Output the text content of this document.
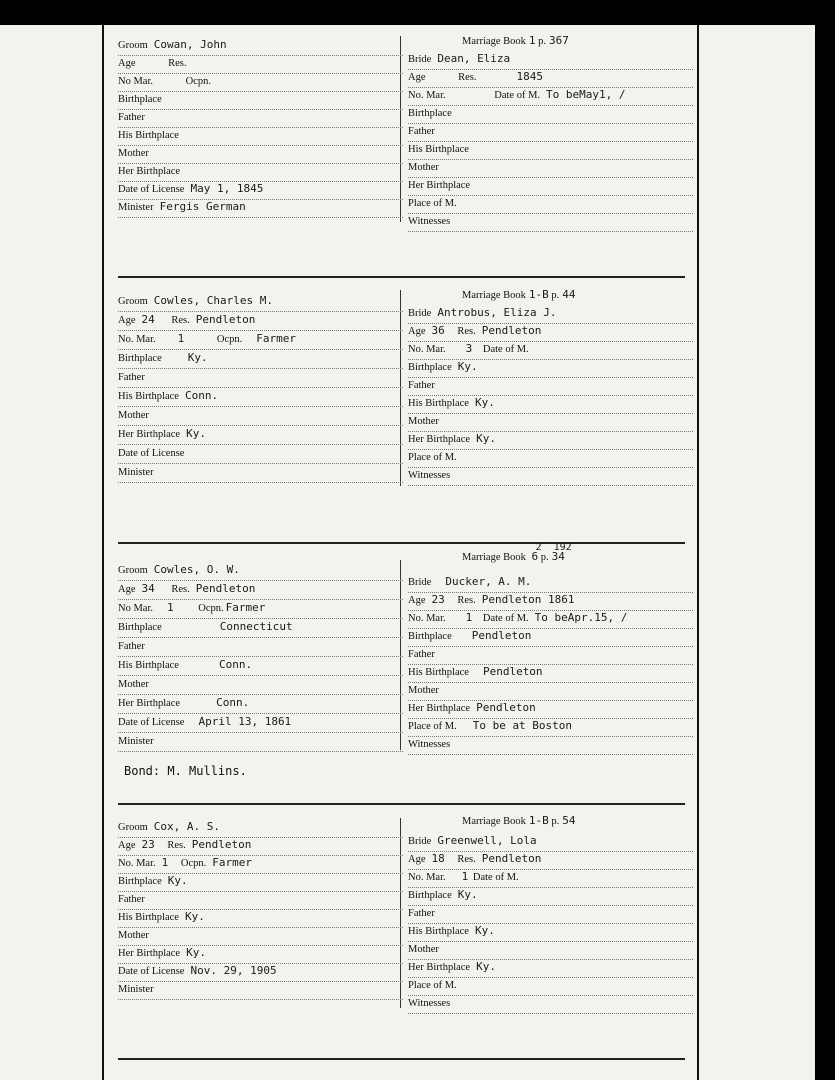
Groom Cowan, John
Age	Res.
No Mar.	Ocpn.
Birthplace
Father
His Birthplace
Mother
Her Birthplace
Date of License May 1, 1845
Minister Fergis German
Marriage Book 1 p. 367
Bride Dean, Eliza
Age	Res.	1845
No. Mar.	Date of M. To beMay1, /
Birthplace
Father
His Birthplace
Mother
Her Birthplace
Place of M.
Witnesses
Groom Cowles, Charles M.
Age 24 Res. Pendleton
No. Mar. 1	Ocpn. Farmer
Birthplace Ky.
Father
His Birthplace Conn.
Mother
Her Birthplace Ky.
Date of License
Minister
Marriage Book 1-B p. 44
Bride Antrobus, Eliza J.
Age 36 Res. Pendleton
No. Mar. 3 Date of M.
Birthplace Ky.
Father
His Birthplace Ky.
Mother
Her Birthplace Ky.
Place of M.
Witnesses
Groom Cowles, O. W.
Age 34 Res. Pendleton
No Mar. 1 Ocpn. Farmer
Birthplace	Connecticut
Father
His Birthplace	Conn.
Mother
Her Birthplace	Conn.
Date of License April 13, 1861
Minister
Marriage Book
2
6 p.
192
34
Bride Ducker, A. M.
Age 23 Res. Pendleton 1861
No. Mar. 1 Date of M. To beApr.15, /
Birthplace Pendleton
Father
His Birthplace Pendleton
Mother
Her Birthplace Pendleton
Place of M. To be at Boston
Witnesses
Bond: M. Mullins.
Groom Cox, A. S.
Age 23 Res. Pendleton
No. Mar. 1 Ocpn. Farmer
Birthplace Ky.
Father
His Birthplace Ky.
Mother
Her Birthplace Ky.
Date of License Nov. 29, 1905
Minister
Marriage Book 1-B p. 54
Bride Greenwell, Lola
Age 18 Res. Pendleton
No. Mar. 1 Date of M.
Birthplace Ky.
Father
His Birthplace Ky.
Mother
Her Birthplace Ky.
Place of M.
Witnesses
